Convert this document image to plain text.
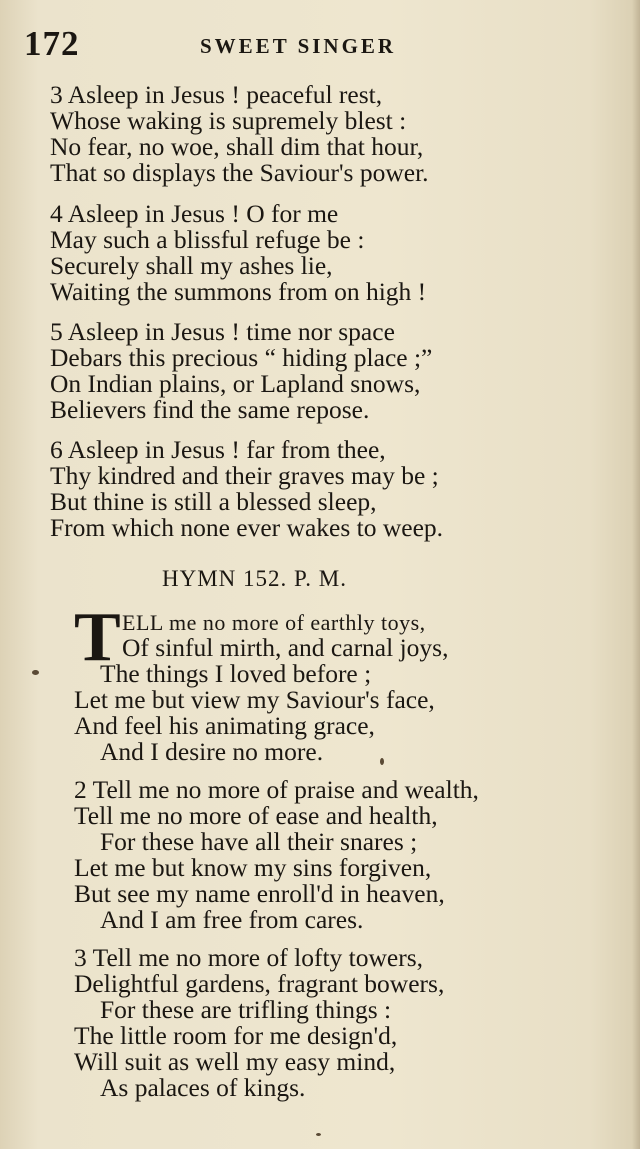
172	SWEET SINGER
3 Asleep in Jesus ! peaceful rest,
Whose waking is supremely blest :
No fear, no woe, shall dim that hour,
That so displays the Saviour's power.
4 Asleep in Jesus ! O for me
May such a blissful refuge be :
Securely shall my ashes lie,
Waiting the summons from on high !
5 Asleep in Jesus ! time nor space
Debars this precious “ hiding place ;”
On Indian plains, or Lapland snows,
Believers find the same repose.
6 Asleep in Jesus ! far from thee,
Thy kindred and their graves may be ;
But thine is still a blessed sleep,
From which none ever wakes to weep.
HYMN 152. P. M.
T ELL me no more of earthly toys,
Of sinful mirth, and carnal joys,
The things I loved before ;
Let me but view my Saviour's face,
And feel his animating grace,
And I desire no more.
2 Tell me no more of praise and wealth,
Tell me no more of ease and health,
For these have all their snares ;
Let me but know my sins forgiven,
But see my name enroll'd in heaven,
And I am free from cares.
3 Tell me no more of lofty towers,
Delightful gardens, fragrant bowers,
For these are trifling things :
The little room for me design'd,
Will suit as well my easy mind,
As palaces of kings.
